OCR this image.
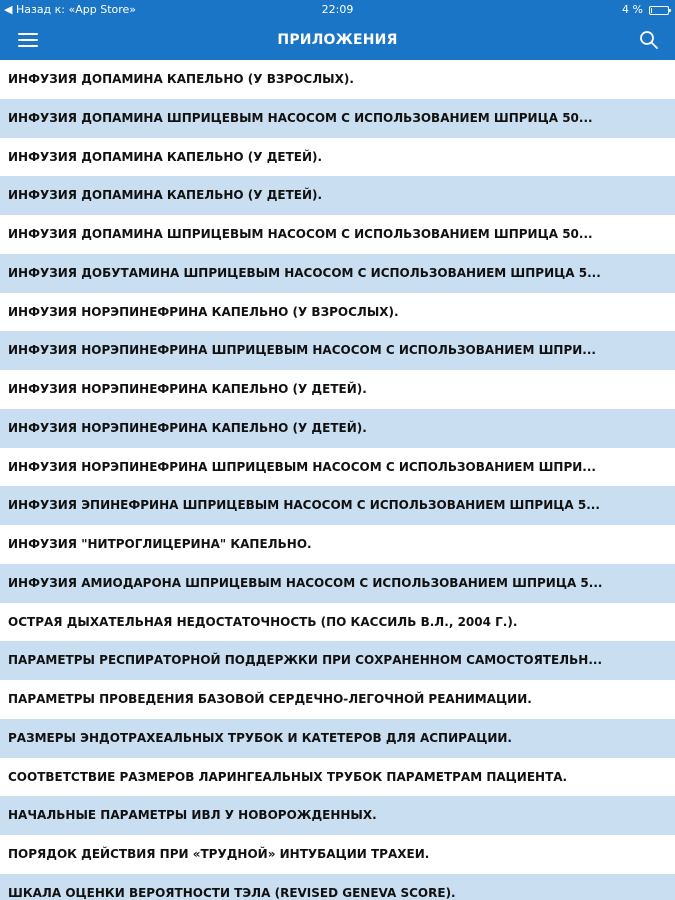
◀ Назад к: «App Store»	22:09	4 %
ПРИЛОЖЕНИЯ
ИНФУЗИЯ ДОПАМИНА КАПЕЛЬНО (У ВЗРОСЛЫХ).
ИНФУЗИЯ ДОПАМИНА ШПРИЦЕВЫМ НАСОСОМ С ИСПОЛЬЗОВАНИЕМ ШПРИЦА 50...
ИНФУЗИЯ ДОПАМИНА КАПЕЛЬНО (У ДЕТЕЙ).
ИНФУЗИЯ ДОПАМИНА КАПЕЛЬНО (У ДЕТЕЙ).
ИНФУЗИЯ ДОПАМИНА ШПРИЦЕВЫМ НАСОСОМ С ИСПОЛЬЗОВАНИЕМ ШПРИЦА 50...
ИНФУЗИЯ ДОБУТАМИНА ШПРИЦЕВЫМ НАСОСОМ С ИСПОЛЬЗОВАНИЕМ ШПРИЦА 5...
ИНФУЗИЯ НОРЭПИНЕФРИНА КАПЕЛЬНО (У ВЗРОСЛЫХ).
ИНФУЗИЯ НОРЭПИНЕФРИНА ШПРИЦЕВЫМ НАСОСОМ С ИСПОЛЬЗОВАНИЕМ ШПРИ...
ИНФУЗИЯ НОРЭПИНЕФРИНА КАПЕЛЬНО (У ДЕТЕЙ).
ИНФУЗИЯ НОРЭПИНЕФРИНА КАПЕЛЬНО (У ДЕТЕЙ).
ИНФУЗИЯ НОРЭПИНЕФРИНА ШПРИЦЕВЫМ НАСОСОМ С ИСПОЛЬЗОВАНИЕМ ШПРИ...
ИНФУЗИЯ ЭПИНЕФРИНА ШПРИЦЕВЫМ НАСОСОМ С ИСПОЛЬЗОВАНИЕМ ШПРИЦА 5...
ИНФУЗИЯ "НИТРОГЛИЦЕРИНА" КАПЕЛЬНО.
ИНФУЗИЯ АМИОДАРОНА ШПРИЦЕВЫМ НАСОСОМ С ИСПОЛЬЗОВАНИЕМ ШПРИЦА 5...
ОСТРАЯ ДЫХАТЕЛЬНАЯ НЕДОСТАТОЧНОСТЬ (ПО КАССИЛЬ В.Л., 2004 Г.).
ПАРАМЕТРЫ РЕСПИРАТОРНОЙ ПОДДЕРЖКИ ПРИ СОХРАНЕННОМ САМОСТОЯТЕЛЬН...
ПАРАМЕТРЫ ПРОВЕДЕНИЯ БАЗОВОЙ СЕРДЕЧНО-ЛЕГОЧНОЙ РЕАНИМАЦИИ.
РАЗМЕРЫ ЭНДОТРАХЕАЛЬНЫХ ТРУБОК И КАТЕТЕРОВ ДЛЯ АСПИРАЦИИ.
СООТВЕТСТВИЕ РАЗМЕРОВ ЛАРИНГЕАЛЬНЫХ ТРУБОК ПАРАМЕТРАМ ПАЦИЕНТА.
НАЧАЛЬНЫЕ ПАРАМЕТРЫ ИВЛ У НОВОРОЖДЕННЫХ.
ПОРЯДОК ДЕЙСТВИЯ ПРИ «ТРУДНОЙ» ИНТУБАЦИИ ТРАХЕИ.
ШКАЛА ОЦЕНКИ ВЕРОЯТНОСТИ ТЭЛА (REVISED GENEVA SCORE).
